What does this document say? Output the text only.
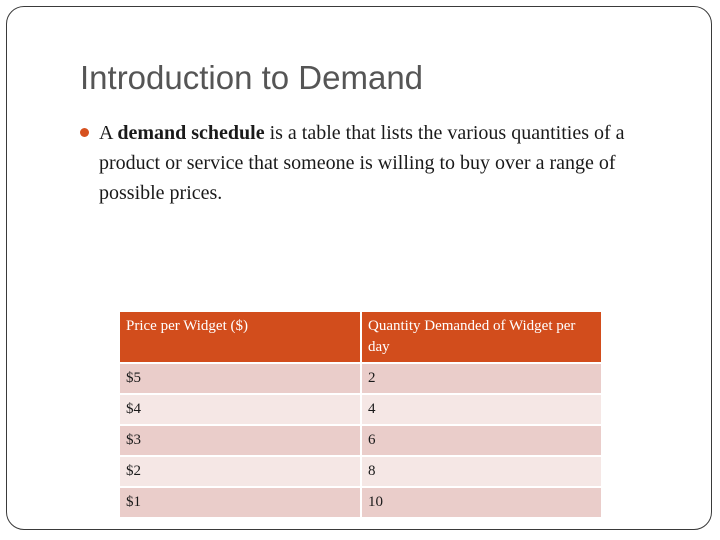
Introduction to Demand
A demand schedule is a table that lists the various quantities of a product or service that someone is willing to buy over a range of possible prices.
Price per Widget ($)	Quantity Demanded of Widget per day
$5	2
$4	4
$3	6
$2	8
$1	10
